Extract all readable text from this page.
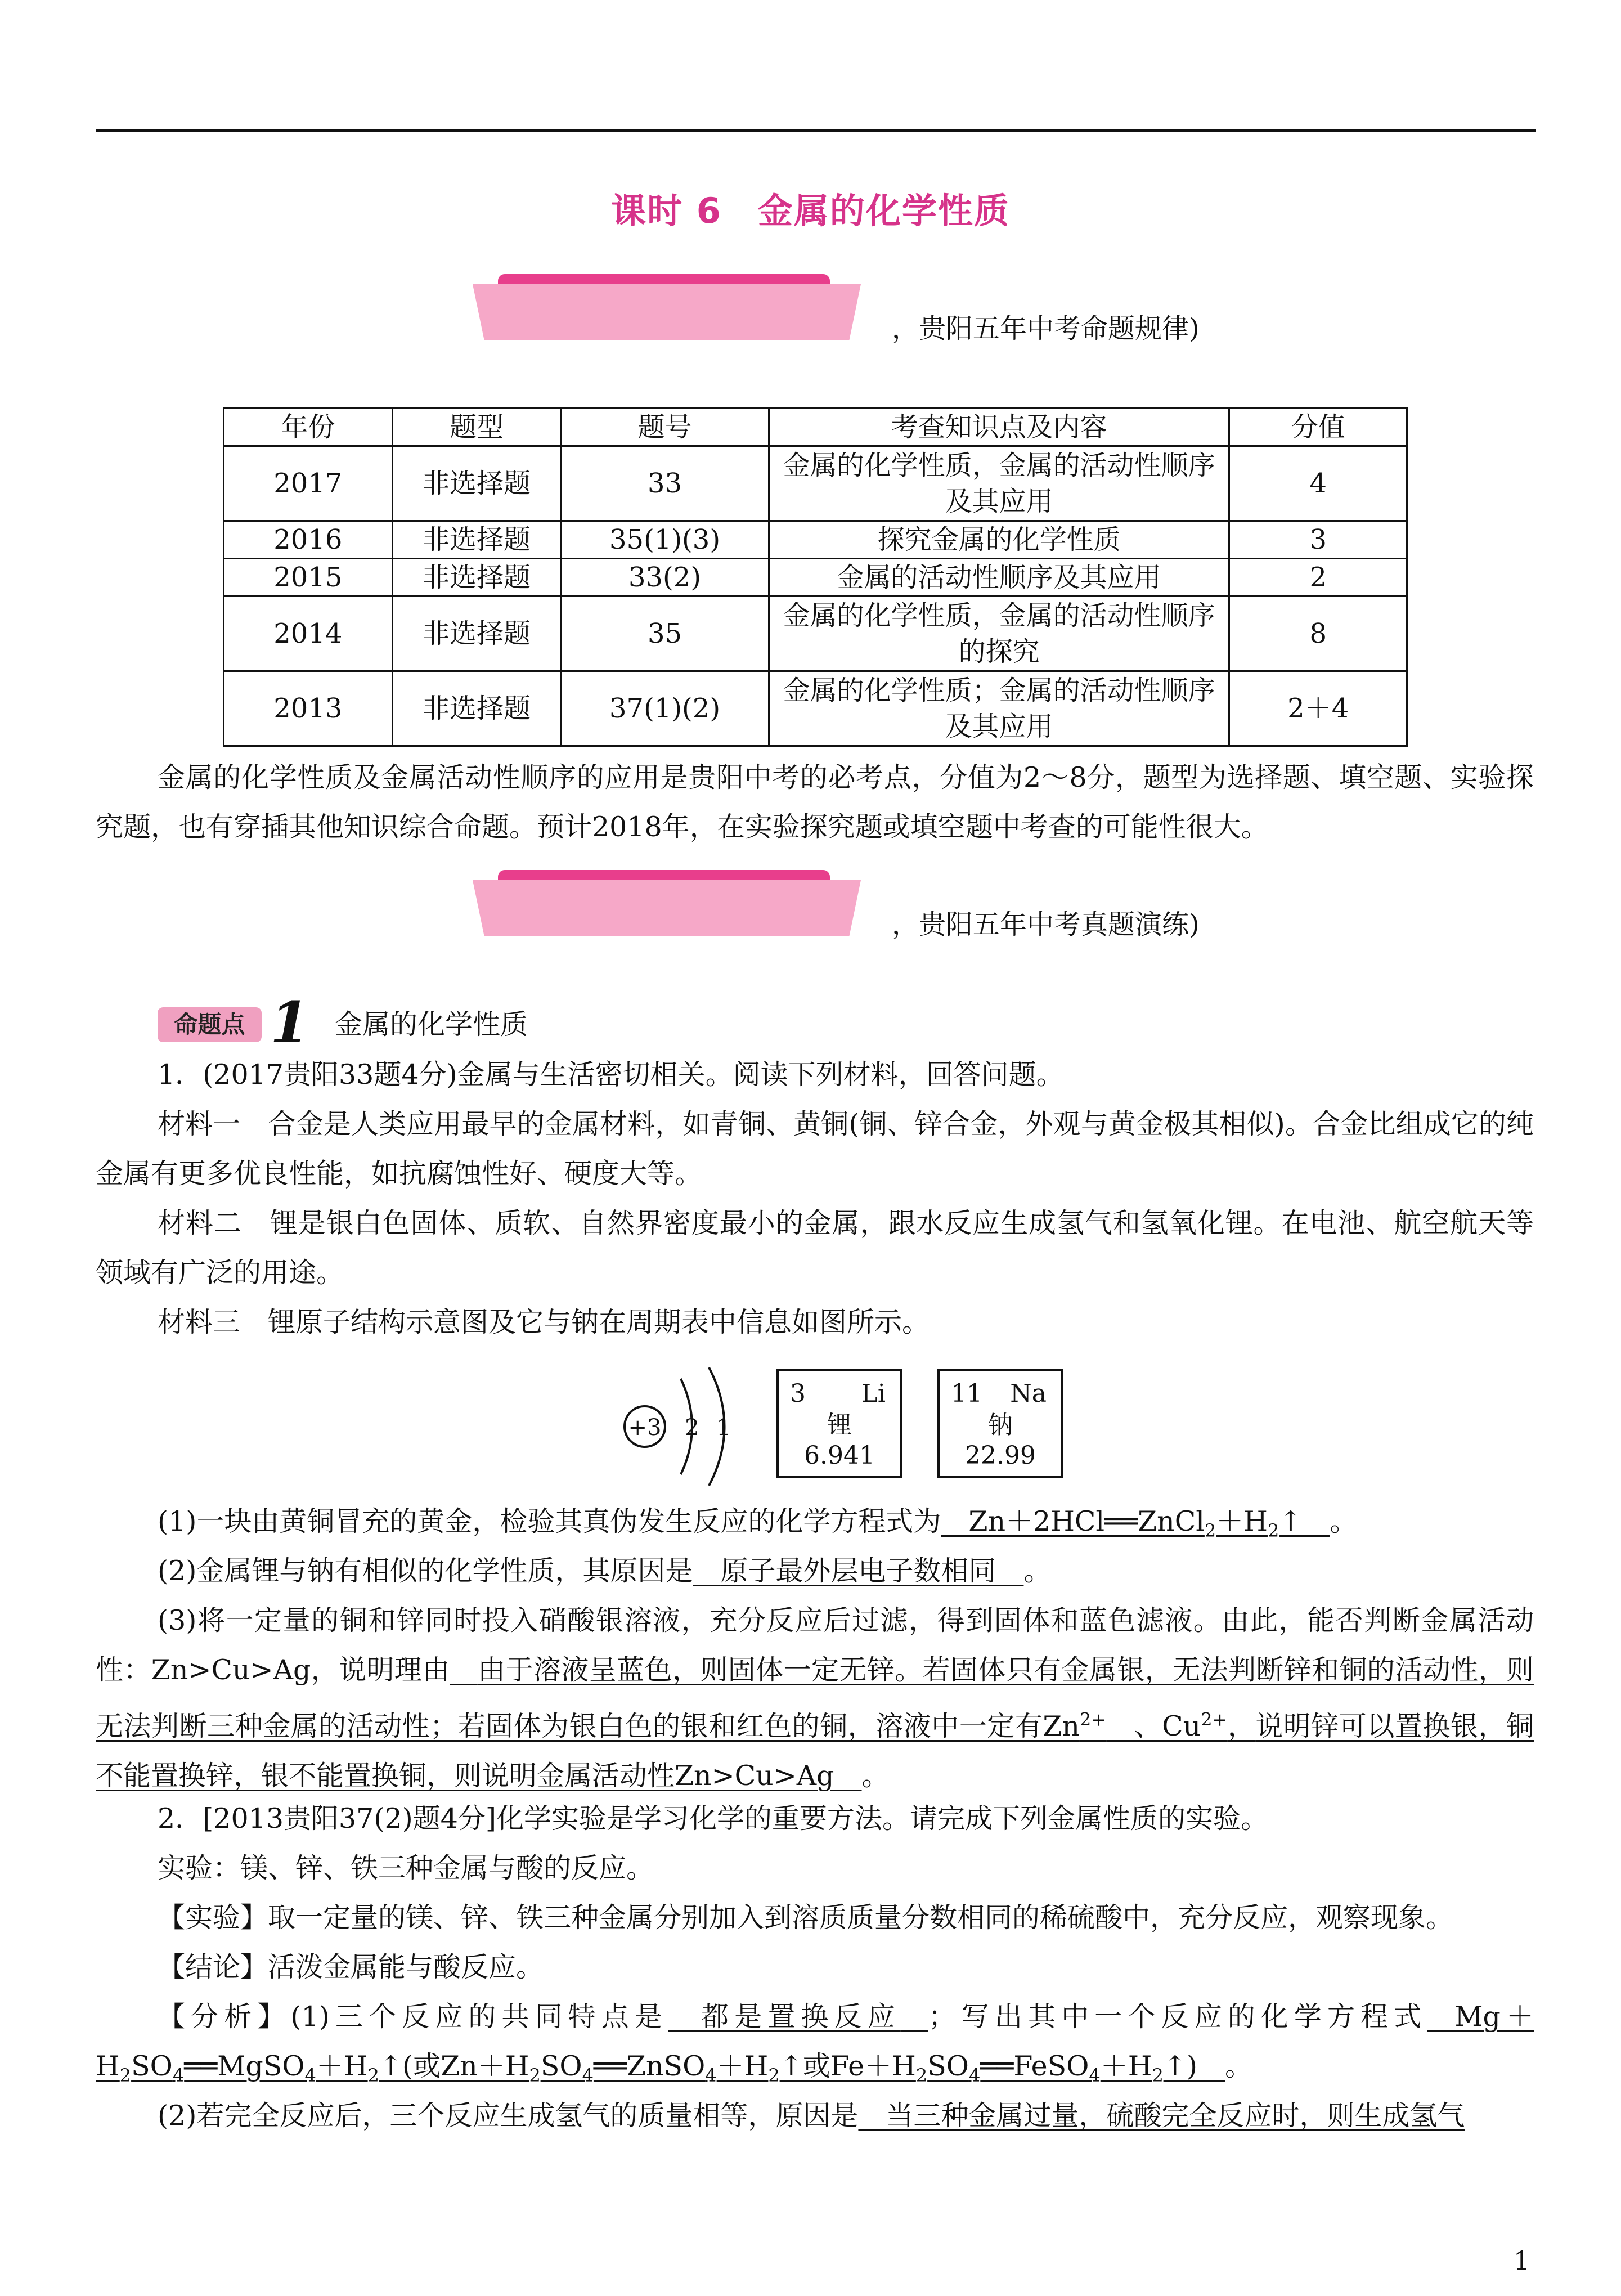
课时 6　金属的化学性质
，贵阳五年中考命题规律)
年份	题型	题号	考查知识点及内容	分值
2017	非选择题	33	金属的化学性质，金属的活动性顺序及其应用	4
2016	非选择题	35(1)(3)	探究金属的化学性质	3
2015	非选择题	33(2)	金属的活动性顺序及其应用	2
2014	非选择题	35	金属的化学性质，金属的活动性顺序的探究	8
2013	非选择题	37(1)(2)	金属的化学性质；金属的活动性顺序及其应用	2＋4
金属的化学性质及金属活动性顺序的应用是贵阳中考的必考点，分值为2～8分，题型为选择题、填空题、实验探究题，也有穿插其他知识综合命题。预计2018年，在实验探究题或填空题中考查的可能性很大。
，贵阳五年中考真题演练)
命题点 1 金属的化学性质
1．(2017贵阳33题4分)金属与生活密切相关。阅读下列材料，回答问题。
材料一　合金是人类应用最早的金属材料，如青铜、黄铜(铜、锌合金，外观与黄金极其相似)。合金比组成它的纯金属有更多优良性能，如抗腐蚀性好、硬度大等。
材料二　锂是银白色固体、质软、自然界密度最小的金属，跟水反应生成氢气和氢氧化锂。在电池、航空航天等领域有广泛的用途。
材料三　锂原子结构示意图及它与钠在周期表中信息如图所示。
+3 2 1
3 Li
锂
6.941
11 Na
钠
22.99
(1)一块由黄铜冒充的黄金，检验其真伪发生反应的化学方程式为 $Zn+2HCl══ZnCl_2+H_2↑$ 。
(2)金属锂与钠有相似的化学性质，其原因是  原子最外层电子数相同  。
(3)将一定量的铜和锌同时投入硝酸银溶液，充分反应后过滤，得到固体和蓝色滤液。由此，能否判断金属活动性：Zn>Cu>Ag，说明理由  由于溶液呈蓝色，则固体一定无锌。若固体只有金属银，无法判断锌和铜的活动性，则无法判断三种金属的活动性；若固体为银白色的银和红色的铜，溶液中一定有$Zn^{2+}$ 、$Cu^{2+}$，说明锌可以置换银，铜不能置换锌，银不能置换铜，则说明金属活动性Zn>Cu>Ag  。
2．[2013贵阳37(2)题4分]化学实验是学习化学的重要方法。请完成下列金属性质的实验。
实验：镁、锌、铁三种金属与酸的反应。
【实验】取一定量的镁、锌、铁三种金属分别加入到溶质质量分数相同的稀硫酸中，充分反应，观察现象。
【结论】活泼金属能与酸反应。
【分析】(1)三个反应的共同特点是  都是置换反应  ；写出其中一个反应的化学方程式 $Mg+H_2SO_4══MgSO_4+H_2↑$(或$Zn+H_2SO_4══ZnSO_4+H_2↑$或$Fe+H_2SO_4══FeSO_4+H_2↑$) 。
(2)若完全反应后，三个反应生成氢气的质量相等，原因是  当三种金属过量，硫酸完全反应时，则生成氢气
1
